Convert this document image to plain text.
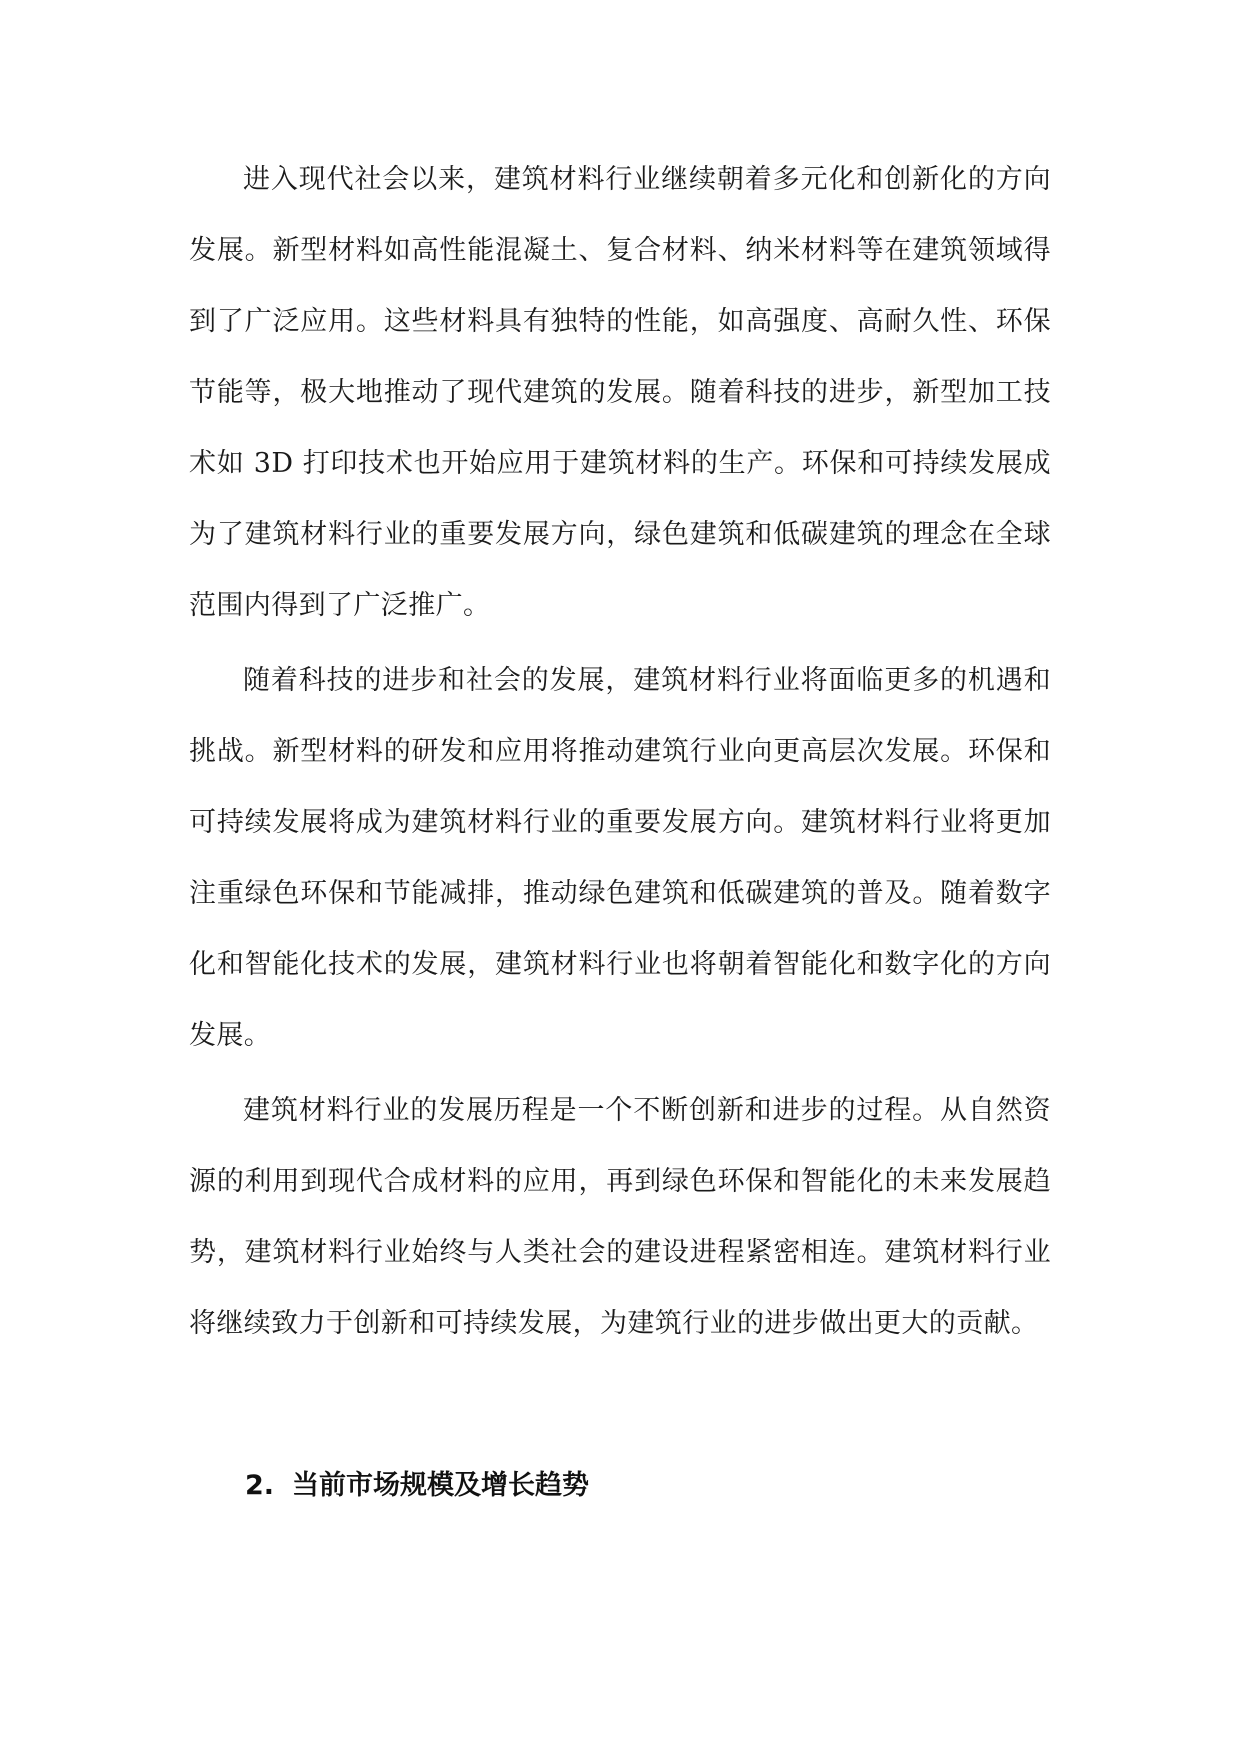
进入现代社会以来，建筑材料行业继续朝着多元化和创新化的方向发展。新型材料如高性能混凝土、复合材料、纳米材料等在建筑领域得到了广泛应用。这些材料具有独特的性能，如高强度、高耐久性、环保节能等，极大地推动了现代建筑的发展。随着科技的进步，新型加工技术如 3D 打印技术也开始应用于建筑材料的生产。环保和可持续发展成为了建筑材料行业的重要发展方向，绿色建筑和低碳建筑的理念在全球范围内得到了广泛推广。

随着科技的进步和社会的发展，建筑材料行业将面临更多的机遇和挑战。新型材料的研发和应用将推动建筑行业向更高层次发展。环保和可持续发展将成为建筑材料行业的重要发展方向。建筑材料行业将更加注重绿色环保和节能减排，推动绿色建筑和低碳建筑的普及。随着数字化和智能化技术的发展，建筑材料行业也将朝着智能化和数字化的方向发展。

建筑材料行业的发展历程是一个不断创新和进步的过程。从自然资源的利用到现代合成材料的应用，再到绿色环保和智能化的未来发展趋势，建筑材料行业始终与人类社会的建设进程紧密相连。建筑材料行业将继续致力于创新和可持续发展，为建筑行业的进步做出更大的贡献。

2. 当前市场规模及增长趋势
